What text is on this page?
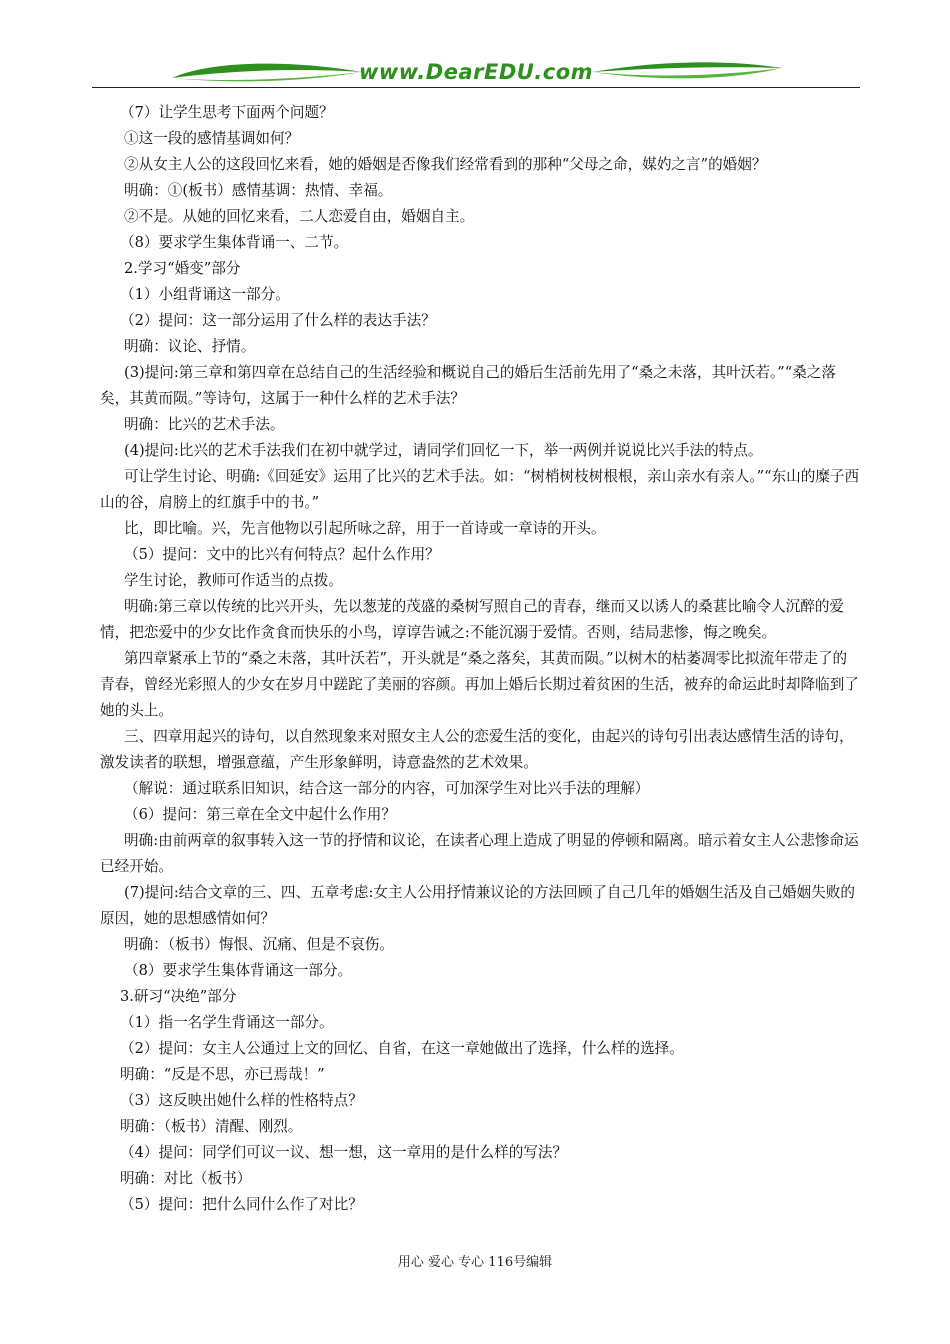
www.DearEDU.com

（7）让学生思考下面两个问题？

①这一段的感情基调如何？

②从女主人公的这段回忆来看，她的婚姻是否像我们经常看到的那种“父母之命，媒妁之言”的婚姻？

明确：①(板书）感情基调：热情、幸福。

②不是。从她的回忆来看，二人恋爱自由，婚姻自主。

（8）要求学生集体背诵一、二节。

2.学习“婚变”部分

（1）小组背诵这一部分。

（2）提问：这一部分运用了什么样的表达手法？

明确：议论、抒情。

(3)提问:第三章和第四章在总结自己的生活经验和概说自己的婚后生活前先用了“桑之未落，其叶沃若。”“桑之落矣，其黄而陨。”等诗句，这属于一种什么样的艺术手法？

明确：比兴的艺术手法。

(4)提问:比兴的艺术手法我们在初中就学过，请同学们回忆一下，举一两例并说说比兴手法的特点。

可让学生讨论、明确:《回延安》运用了比兴的艺术手法。如：“树梢树枝树根根，亲山亲水有亲人。”“东山的糜子西山的谷，肩膀上的红旗手中的书。”

比，即比喻。兴，先言他物以引起所咏之辞，用于一首诗或一章诗的开头。

（5）提问：文中的比兴有何特点？起什么作用？

学生讨论，教师可作适当的点拨。

明确:第三章以传统的比兴开头，先以葱茏的茂盛的桑树写照自己的青春，继而又以诱人的桑葚比喻令人沉醉的爱情，把恋爱中的少女比作贪食而快乐的小鸟，谆谆告诫之:不能沉溺于爱情。否则，结局悲惨，悔之晚矣。

第四章紧承上节的“桑之未落，其叶沃若”，开头就是“桑之落矣，其黄而陨。”以树木的枯萎凋零比拟流年带走了的青春，曾经光彩照人的少女在岁月中蹉跎了美丽的容颜。再加上婚后长期过着贫困的生活，被弃的命运此时却降临到了她的头上。

三、四章用起兴的诗句，以自然现象来对照女主人公的恋爱生活的变化，由起兴的诗句引出表达感情生活的诗句，激发读者的联想，增强意蕴，产生形象鲜明，诗意盎然的艺术效果。

（解说：通过联系旧知识，结合这一部分的内容，可加深学生对比兴手法的理解）

（6）提问：第三章在全文中起什么作用？

明确:由前两章的叙事转入这一节的抒情和议论，在读者心理上造成了明显的停顿和隔离。暗示着女主人公悲惨命运已经开始。

(7)提问:结合文章的三、四、五章考虑:女主人公用抒情兼议论的方法回顾了自己几年的婚姻生活及自己婚姻失败的原因，她的思想感情如何？

明确：（板书）悔恨、沉痛、但是不哀伤。

（8）要求学生集体背诵这一部分。

3.研习“决绝”部分

（1）指一名学生背诵这一部分。

（2）提问：女主人公通过上文的回忆、自省，在这一章她做出了选择，什么样的选择。

明确：“反是不思，亦已焉哉！”

（3）这反映出她什么样的性格特点？

明确：（板书）清醒、刚烈。

（4）提问：同学们可议一议、想一想，这一章用的是什么样的写法？

明确：对比（板书）

（5）提问：把什么同什么作了对比？

用心 爱心 专心 116号编辑
